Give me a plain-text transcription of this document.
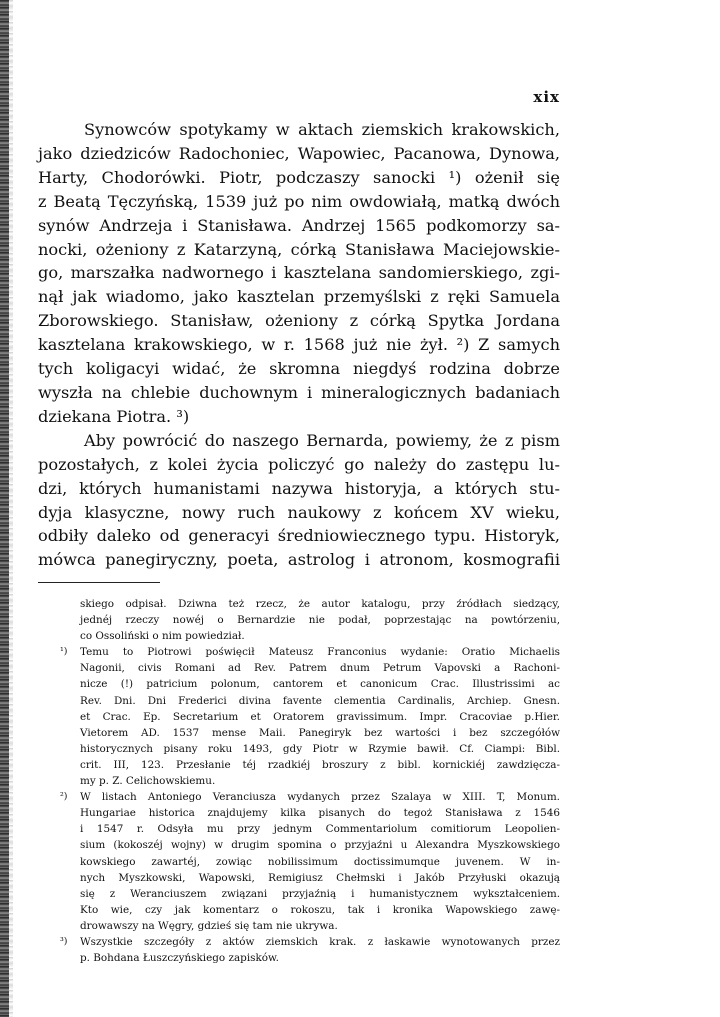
xix
Synowców spotykamy w aktach ziemskich krakowskich,
jako dziedziców Radochoniec, Wapowiec, Pacanowa, Dynowa,
Harty, Chodorówki. Piotr, podczaszy sanocki ¹) ożenił się
z Beatą Tęczyńską, 1539 już po nim owdowiałą, matką dwóch
synów Andrzeja i Stanisława. Andrzej 1565 podkomorzy sa-
nocki, ożeniony z Katarzyną, córką Stanisława Maciejowskie-
go, marszałka nadwornego i kasztelana sandomierskiego, zgi-
nął jak wiadomo, jako kasztelan przemyślski z ręki Samuela
Zborowskiego. Stanisław, ożeniony z córką Spytka Jordana
kasztelana krakowskiego, w r. 1568 już nie żył. ²) Z samych
tych koligacyi widać, że skromna niegdyś rodzina dobrze
wyszła na chlebie duchownym i mineralogicznych badaniach
dziekana Piotra. ³)
Aby powrócić do naszego Bernarda, powiemy, że z pism
pozostałych, z kolei życia policzyć go należy do zastępu lu-
dzi, których humanistami nazywa historyja, a których stu-
dyja klasyczne, nowy ruch naukowy z końcem XV wieku,
odbiły daleko od generacyi średniowiecznego typu. Historyk,
mówca panegiryczny, poeta, astrolog i atronom, kosmografii
skiego odpisał. Dziwna też rzecz, że autor katalogu, przy źródłach siedzący,
jednéj rzeczy nowéj o Bernardzie nie podał, poprzestając na powtórzeniu,
co Ossoliński o nim powiedział.
¹) Temu to Piotrowi poświęcił Mateusz Franconius wydanie: Oratio Michaelis
Nagonii, civis Romani ad Rev. Patrem dnum Petrum Vapovski a Rachoni-
nicze (!) patricium polonum, cantorem et canonicum Crac. Illustrissimi ac
Rev. Dni. Dni Frederici divina favente clementia Cardinalis, Archiep. Gnesn.
et Crac. Ep. Secretarium et Oratorem gravissimum. Impr. Cracoviae p.Hier.
Vietorem AD. 1537 mense Maii. Panegiryk bez wartości i bez szczegółów
historycznych pisany roku 1493, gdy Piotr w Rzymie bawił. Cf. Ciampi: Bibl.
crit. III, 123. Przesłanie téj rzadkiéj broszury z bibl. kornickiéj zawdzięcza-
my p. Z. Celichowskiemu.
²) W listach Antoniego Veranciusza wydanych przez Szalaya w XIII. T, Monum.
Hungariae historica znajdujemy kilka pisanych do tegoż Stanisława z 1546
i 1547 r. Odsyła mu przy jednym Commentariolum comitiorum Leopolien-
sium (kokoszéj wojny) w drugim spomina o przyjaźni u Alexandra Myszkowskiego
kowskiego zawartéj, zowiąc nobilissimum doctissimumque juvenem. W in-
nych Myszkowski, Wapowski, Remigiusz Chełmski i Jakób Przyłuski okazują
się z Weranciuszem związani przyjaźnią i humanistycznem wykształceniem.
Kto wie, czy jak komentarz o rokoszu, tak i kronika Wapowskiego zawę-
drowawszy na Węgry, gdzieś się tam nie ukrywa.
³) Wszystkie szczegóły z aktów ziemskich krak. z łaskawie wynotowanych przez
p. Bohdana Łuszczyńskiego zapisków.
